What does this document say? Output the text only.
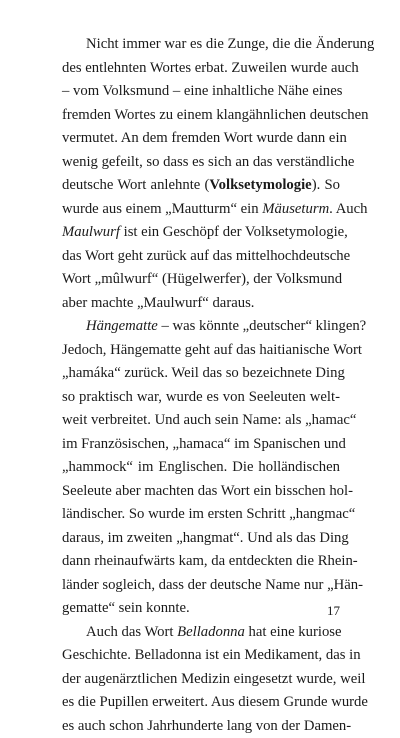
Nicht immer war es die Zunge, die die Änderung
des entlehnten Wortes erbat. Zuweilen wurde auch
– vom Volksmund – eine inhaltliche Nähe eines
fremden Wortes zu einem klangähnlichen deutschen
vermutet. An dem fremden Wort wurde dann ein
wenig gefeilt, so dass es sich an das verständliche
deutsche Wort anlehnte (Volksetymologie). So
wurde aus einem „Mautturm“ ein Mäuseturm. Auch
Maulwurf ist ein Geschöpf der Volksetymologie,
das Wort geht zurück auf das mittelhochdeutsche
Wort „mûlwurf“ (Hügelwerfer), der Volksmund
aber machte „Maulwurf“ daraus.
Hängematte – was könnte „deutscher“ klingen?
Jedoch, Hängematte geht auf das haitianische Wort
„hamáka“ zurück. Weil das so bezeichnete Ding
so praktisch war, wurde es von Seeleuten welt-
weit verbreitet. Und auch sein Name: als „hamac“
im Französischen, „hamaca“ im Spanischen und
„hammock“ im Englischen. Die holländischen
Seeleute aber machten das Wort ein bisschen hol-
ländischer. So wurde im ersten Schritt „hangmac“
daraus, im zweiten „hangmat“. Und als das Ding
dann rheinaufwärts kam, da entdeckten die Rhein-
länder sogleich, dass der deutsche Name nur „Hän-
gematte“ sein konnte.
Auch das Wort Belladonna hat eine kuriose
Geschichte. Belladonna ist ein Medikament, das in
der augenärztlichen Medizin eingesetzt wurde, weil
es die Pupillen erweitert. Aus diesem Grunde wurde
es auch schon Jahrhunderte lang von der Damen-
17
